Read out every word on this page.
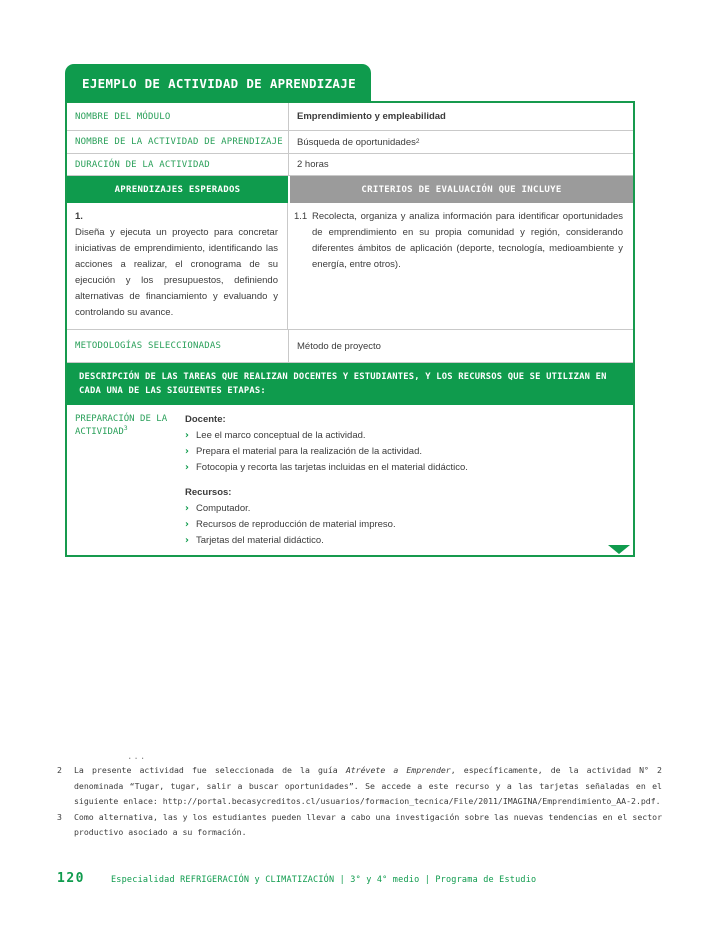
EJEMPLO DE ACTIVIDAD DE APRENDIZAJE
NOMBRE DEL MÓDULO	Emprendimiento y empleabilidad
NOMBRE DE LA ACTIVIDAD DE APRENDIZAJE	Búsqueda de oportunidades 2
DURACIÓN DE LA ACTIVIDAD	2 horas
APRENDIZAJES ESPERADOS	CRITERIOS DE EVALUACIÓN QUE INCLUYE
1.
Diseña y ejecuta un proyecto para concretar iniciativas de emprendimiento, identificando las acciones a realizar, el cronograma de su ejecución y los presupuestos, definiendo alternativas de financiamiento y evaluando y controlando su avance.
1.1 Recolecta, organiza y analiza información para identificar oportunidades de emprendimiento en su propia comunidad y región, considerando diferentes ámbitos de aplicación (deporte, tecnología, medioambiente y energía, entre otros).
METODOLOGÍAS SELECCIONADAS	Método de proyecto
DESCRIPCIÓN DE LAS TAREAS QUE REALIZAN DOCENTES Y ESTUDIANTES, Y LOS RECURSOS QUE SE UTILIZAN EN CADA UNA DE LAS SIGUIENTES ETAPAS:
PREPARACIÓN DE LA ACTIVIDAD$^3$
Docente:
› Lee el marco conceptual de la actividad.
› Prepara el material para la realización de la actividad.
› Fotocopia y recorta las tarjetas incluidas en el material didáctico.
Recursos:
› Computador.
› Recursos de reproducción de material impreso.
› Tarjetas del material didáctico.
...
2	La presente actividad fue seleccionada de la guía Atrévete a Emprender, específicamente, de la actividad N° 2 denominada “Tugar, tugar, salir a buscar oportunidades”. Se accede a este recurso y a las tarjetas señaladas en el siguiente enlace: http://portal.becasycreditos.cl/usuarios/formacion_tecnica/File/2011/IMAGINA/Emprendimiento_AA-2.pdf.
3	Como alternativa, las y los estudiantes pueden llevar a cabo una investigación sobre las nuevas tendencias en el sector productivo asociado a su formación.
120	Especialidad REFRIGERACIÓN y CLIMATIZACIÓN | 3° y 4° medio | Programa de Estudio
